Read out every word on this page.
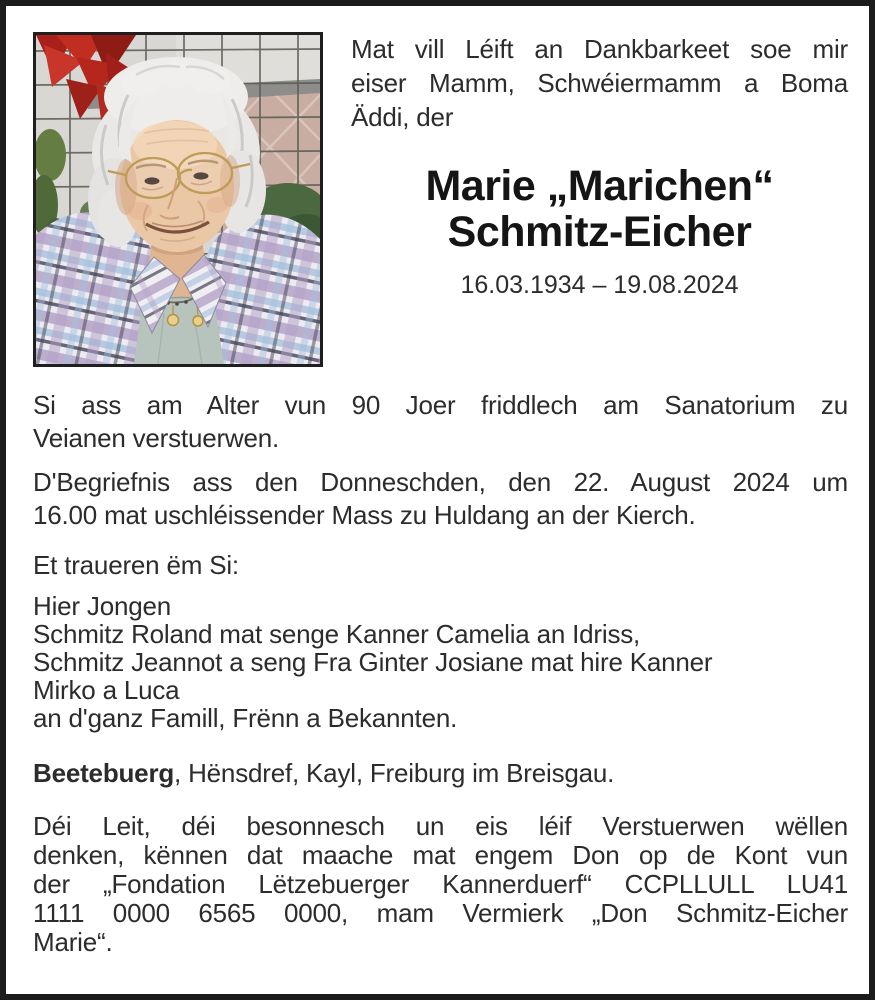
Mat vill Léift an Dankbarkeet soe mir
eiser Mamm, Schwéiermamm a Boma
Äddi, der
Marie „Marichen“
Schmitz-Eicher
16.03.1934 – 19.08.2024
Si ass am Alter vun 90 Joer friddlech am Sanatorium zu
Veianen verstuerwen.
D'Begriefnis ass den Donneschden, den 22. August 2024 um
16.00 mat uschléissender Mass zu Huldang an der Kierch.
Et traueren ëm Si:
Hier Jongen
Schmitz Roland mat senge Kanner Camelia an Idriss,
Schmitz Jeannot a seng Fra Ginter Josiane mat hire Kanner
Mirko a Luca
an d'ganz Famill, Frënn a Bekannten.
Beetebuerg, Hënsdref, Kayl, Freiburg im Breisgau.
Déi Leit, déi besonnesch un eis léif Verstuerwen wëllen
denken, kënnen dat maache mat engem Don op de Kont vun
der „Fondation Lëtzebuerger Kannerduerf“ CCPLLULL LU41
1111 0000 6565 0000, mam Vermierk „Don Schmitz-Eicher
Marie“.
